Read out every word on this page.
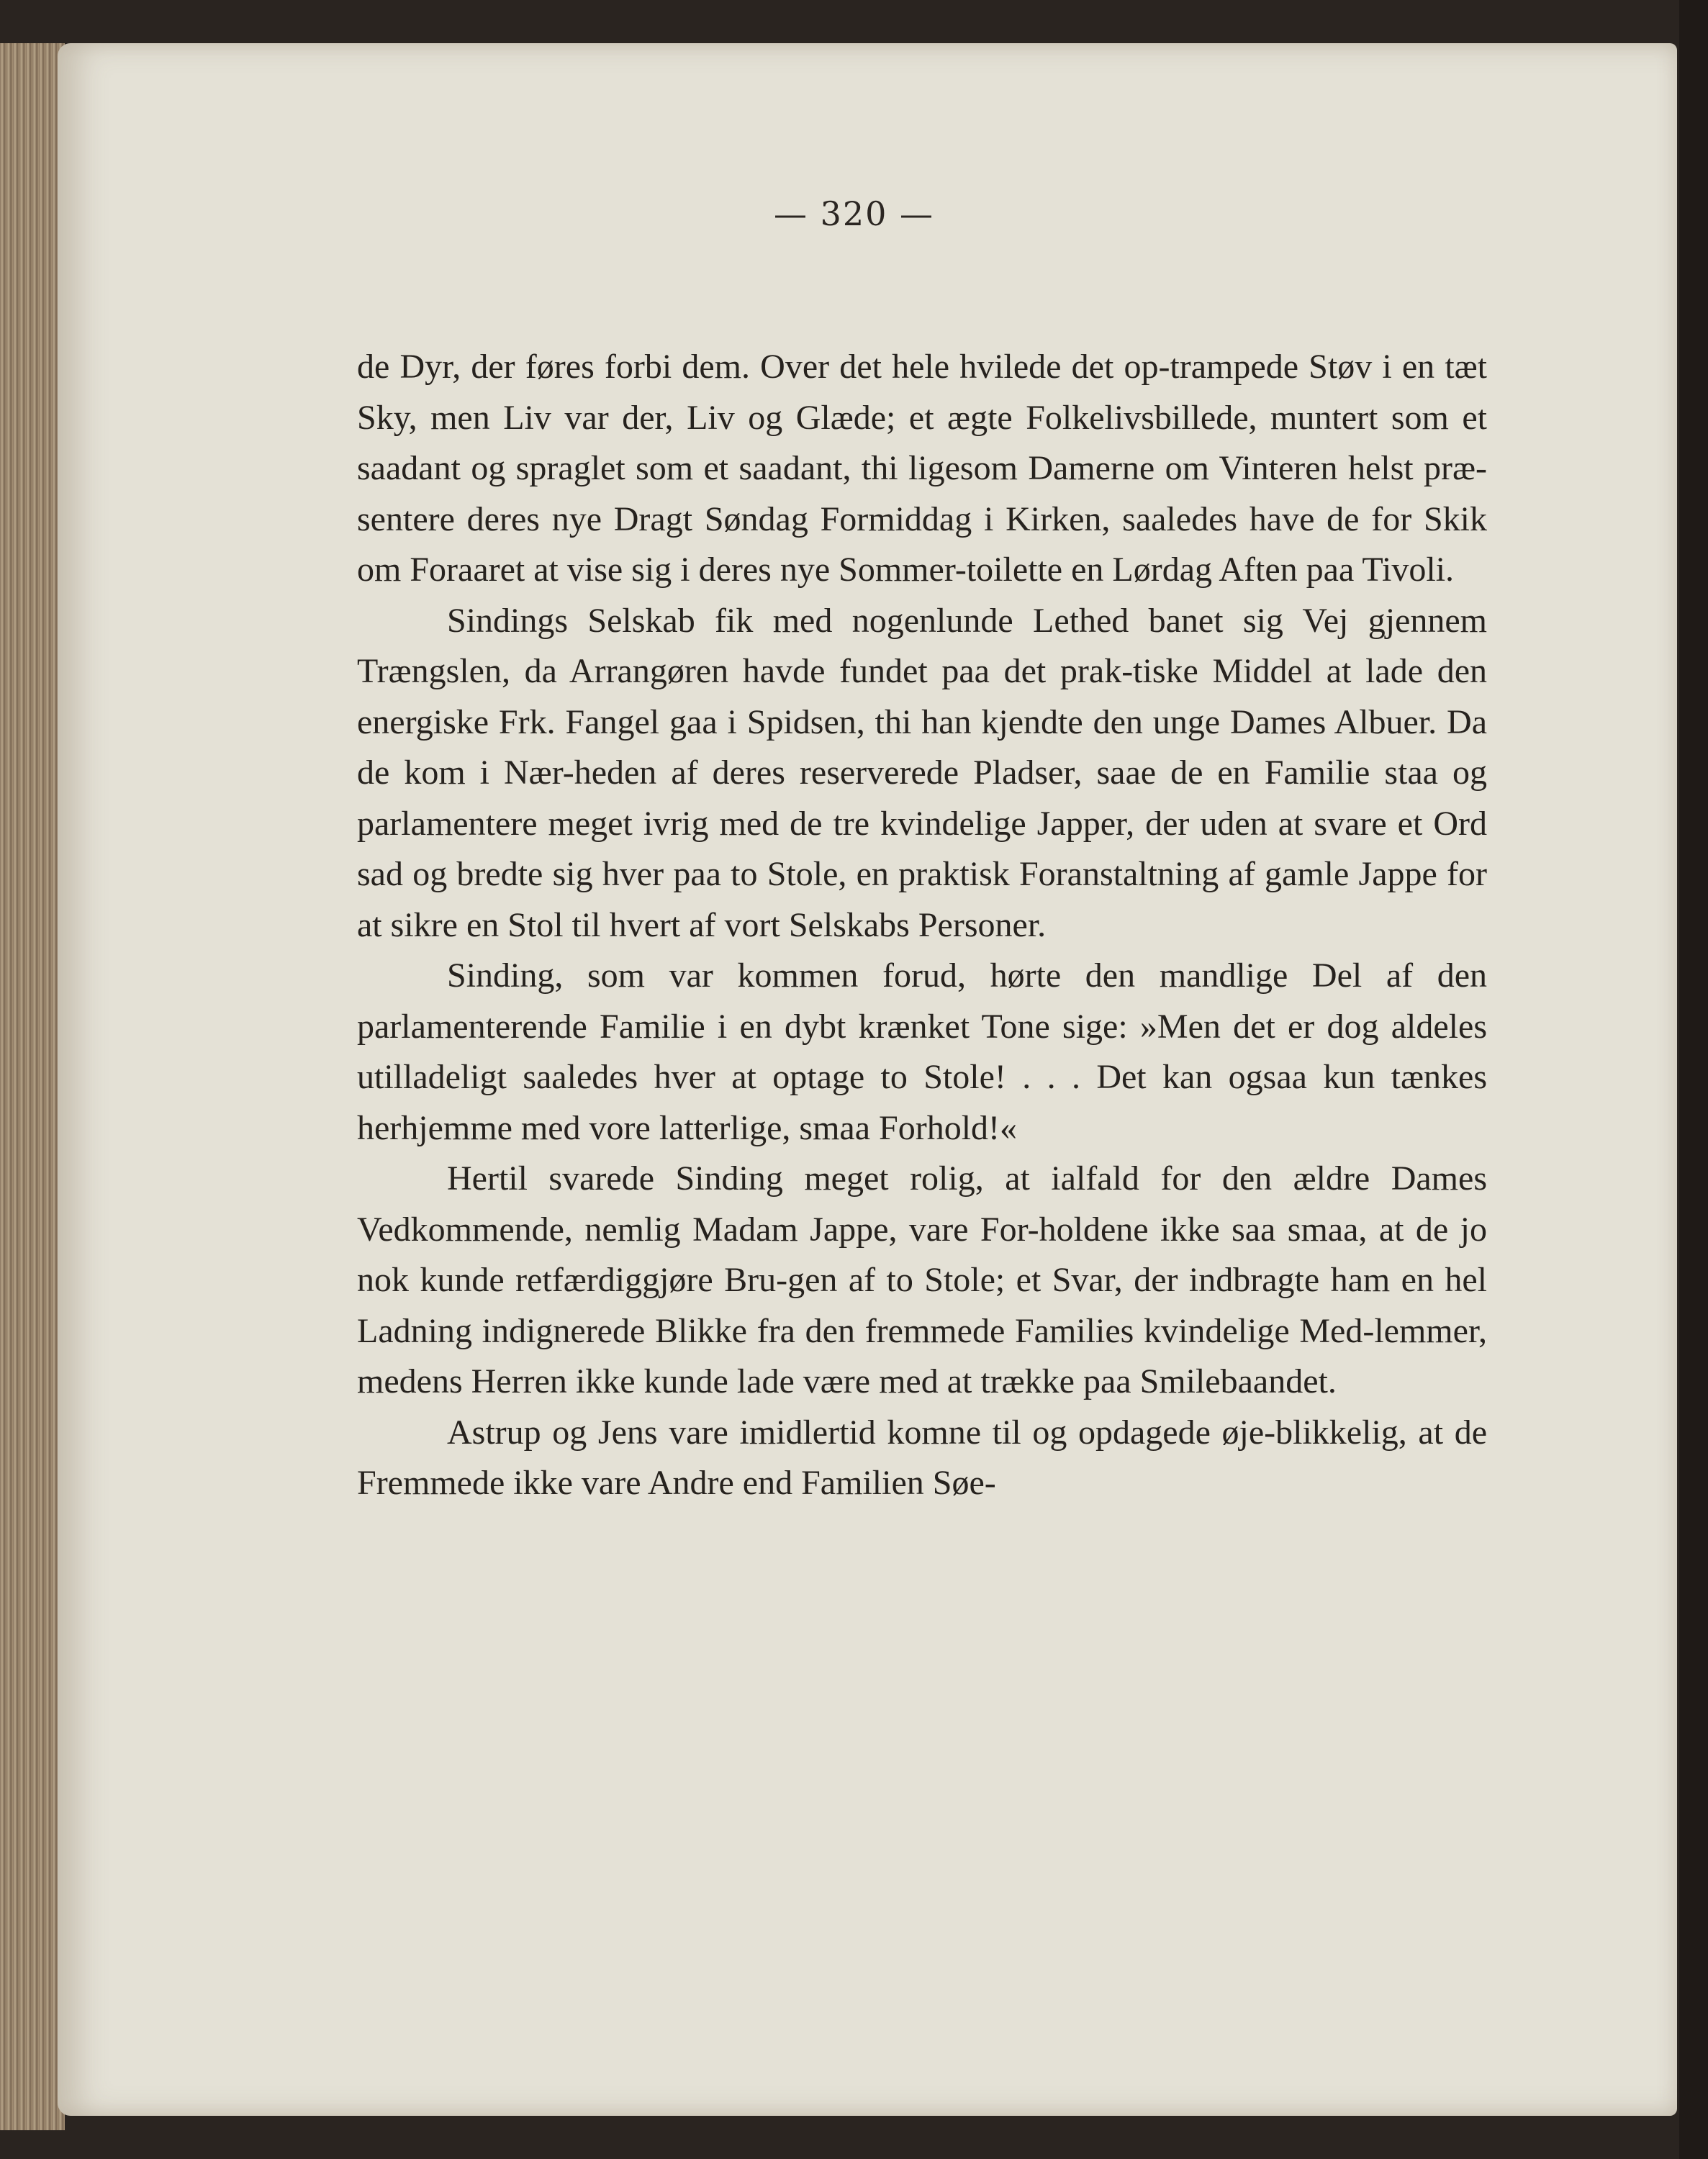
— 320 —

de Dyr, der føres forbi dem. Over det hele hvilede det op-trampede Støv i en tæt Sky, men Liv var der, Liv og Glæde; et ægte Folkelivsbillede, muntert som et saadant og spraglet som et saadant, thi ligesom Damerne om Vinteren helst præ-sentere deres nye Dragt Søndag Formiddag i Kirken, saaledes have de for Skik om Foraaret at vise sig i deres nye Sommer-toilette en Lørdag Aften paa Tivoli.

Sindings Selskab fik med nogenlunde Lethed banet sig Vej gjennem Trængslen, da Arrangøren havde fundet paa det prak-tiske Middel at lade den energiske Frk. Fangel gaa i Spidsen, thi han kjendte den unge Dames Albuer. Da de kom i Nær-heden af deres reserverede Pladser, saae de en Familie staa og parlamentere meget ivrig med de tre kvindelige Japper, der uden at svare et Ord sad og bredte sig hver paa to Stole, en praktisk Foranstaltning af gamle Jappe for at sikre en Stol til hvert af vort Selskabs Personer.

Sinding, som var kommen forud, hørte den mandlige Del af den parlamenterende Familie i en dybt krænket Tone sige: »Men det er dog aldeles utilladeligt saaledes hver at optage to Stole! . . . Det kan ogsaa kun tænkes herhjemme med vore latterlige, smaa Forhold!«

Hertil svarede Sinding meget rolig, at ialfald for den ældre Dames Vedkommende, nemlig Madam Jappe, vare For-holdene ikke saa smaa, at de jo nok kunde retfærdiggjøre Bru-gen af to Stole; et Svar, der indbragte ham en hel Ladning indignerede Blikke fra den fremmede Families kvindelige Med-lemmer, medens Herren ikke kunde lade være med at trække paa Smilebaandet.

Astrup og Jens vare imidlertid komne til og opdagede øje-blikkelig, at de Fremmede ikke vare Andre end Familien Søe-
